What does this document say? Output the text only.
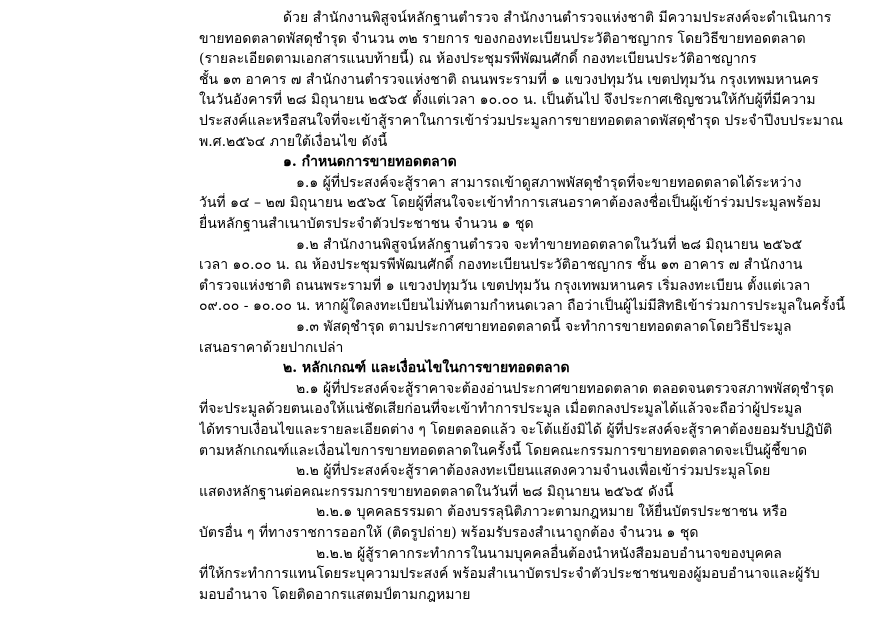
ด้วย สำนักงานพิสูจน์หลักฐานตำรวจ สำนักงานตำรวจแห่งชาติ มีความประสงค์จะดำเนินการ
ขายทอดตลาดพัสดุชำรุด จำนวน ๓๒ รายการ ของกองทะเบียนประวัติอาชญากร โดยวิธีขายทอดตลาด
(รายละเอียดตามเอกสารแนบท้ายนี้) ณ ห้องประชุมรพีพัฒนศักดิ์ กองทะเบียนประวัติอาชญากร
ชั้น ๑๓ อาคาร ๗ สำนักงานตำรวจแห่งชาติ ถนนพระรามที่ ๑ แขวงปทุมวัน เขตปทุมวัน กรุงเทพมหานคร
ในวันอังคารที่ ๒๘ มิถุนายน ๒๕๖๕ ตั้งแต่เวลา ๑๐.๐๐ น. เป็นต้นไป จึงประกาศเชิญชวนให้กับผู้ที่มีความ
ประสงค์และหรือสนใจที่จะเข้าสู้ราคาในการเข้าร่วมประมูลการขายทอดตลาดพัสดุชำรุด ประจำปีงบประมาณ
พ.ศ.๒๕๖๔ ภายใต้เงื่อนไข ดังนี้
๑. กำหนดการขายทอดตลาด
๑.๑ ผู้ที่ประสงค์จะสู้ราคา สามารถเข้าดูสภาพพัสดุชำรุดที่จะขายทอดตลาดได้ระหว่าง
วันที่ ๑๔ – ๒๗ มิถุนายน ๒๕๖๕ โดยผู้ที่สนใจจะเข้าทำการเสนอราคาต้องลงชื่อเป็นผู้เข้าร่วมประมูลพร้อม
ยื่นหลักฐานสำเนาบัตรประจำตัวประชาชน จำนวน ๑ ชุด
๑.๒ สำนักงานพิสูจน์หลักฐานตำรวจ จะทำขายทอดตลาดในวันที่ ๒๘ มิถุนายน ๒๕๖๕
เวลา ๑๐.๐๐ น. ณ ห้องประชุมรพีพัฒนศักดิ์ กองทะเบียนประวัติอาชญากร ชั้น ๑๓ อาคาร ๗ สำนักงาน
ตำรวจแห่งชาติ ถนนพระรามที่ ๑ แขวงปทุมวัน เขตปทุมวัน กรุงเทพมหานคร เริ่มลงทะเบียน ตั้งแต่เวลา
๐๙.๐๐ - ๑๐.๐๐ น. หากผู้ใดลงทะเบียนไม่ทันตามกำหนดเวลา ถือว่าเป็นผู้ไม่มีสิทธิเข้าร่วมการประมูลในครั้งนี้
๑.๓ พัสดุชำรุด ตามประกาศขายทอดตลาดนี้ จะทำการขายทอดตลาดโดยวิธีประมูล
เสนอราคาด้วยปากเปล่า
๒. หลักเกณฑ์ และเงื่อนไขในการขายทอดตลาด
๒.๑ ผู้ที่ประสงค์จะสู้ราคาจะต้องอ่านประกาศขายทอดตลาด ตลอดจนตรวจสภาพพัสดุชำรุด
ที่จะประมูลด้วยตนเองให้แน่ชัดเสียก่อนที่จะเข้าทำการประมูล เมื่อตกลงประมูลได้แล้วจะถือว่าผู้ประมูล
ได้ทราบเงื่อนไขและรายละเอียดต่าง ๆ โดยตลอดแล้ว จะโต้แย้งมิได้ ผู้ที่ประสงค์จะสู้ราคาต้องยอมรับปฏิบัติ
ตามหลักเกณฑ์และเงื่อนไขการขายทอดตลาดในครั้งนี้ โดยคณะกรรมการขายทอดตลาดจะเป็นผู้ชี้ขาด
๒.๒ ผู้ที่ประสงค์จะสู้ราคาต้องลงทะเบียนแสดงความจำนงเพื่อเข้าร่วมประมูลโดย
แสดงหลักฐานต่อคณะกรรมการขายทอดตลาดในวันที่ ๒๘ มิถุนายน ๒๕๖๕ ดังนี้
๒.๒.๑ บุคคลธรรมดา ต้องบรรลุนิติภาวะตามกฎหมาย ให้ยื่นบัตรประชาชน หรือ
บัตรอื่น ๆ ที่ทางราชการออกให้ (ติดรูปถ่าย) พร้อมรับรองสำเนาถูกต้อง จำนวน ๑ ชุด
๒.๒.๒ ผู้สู้ราคากระทำการในนามบุคคลอื่นต้องนำหนังสือมอบอำนาจของบุคคล
ที่ให้กระทำการแทนโดยระบุความประสงค์ พร้อมสำเนาบัตรประจำตัวประชาชนของผู้มอบอำนาจและผู้รับ
มอบอำนาจ โดยติดอากรแสตมป์ตามกฎหมาย
